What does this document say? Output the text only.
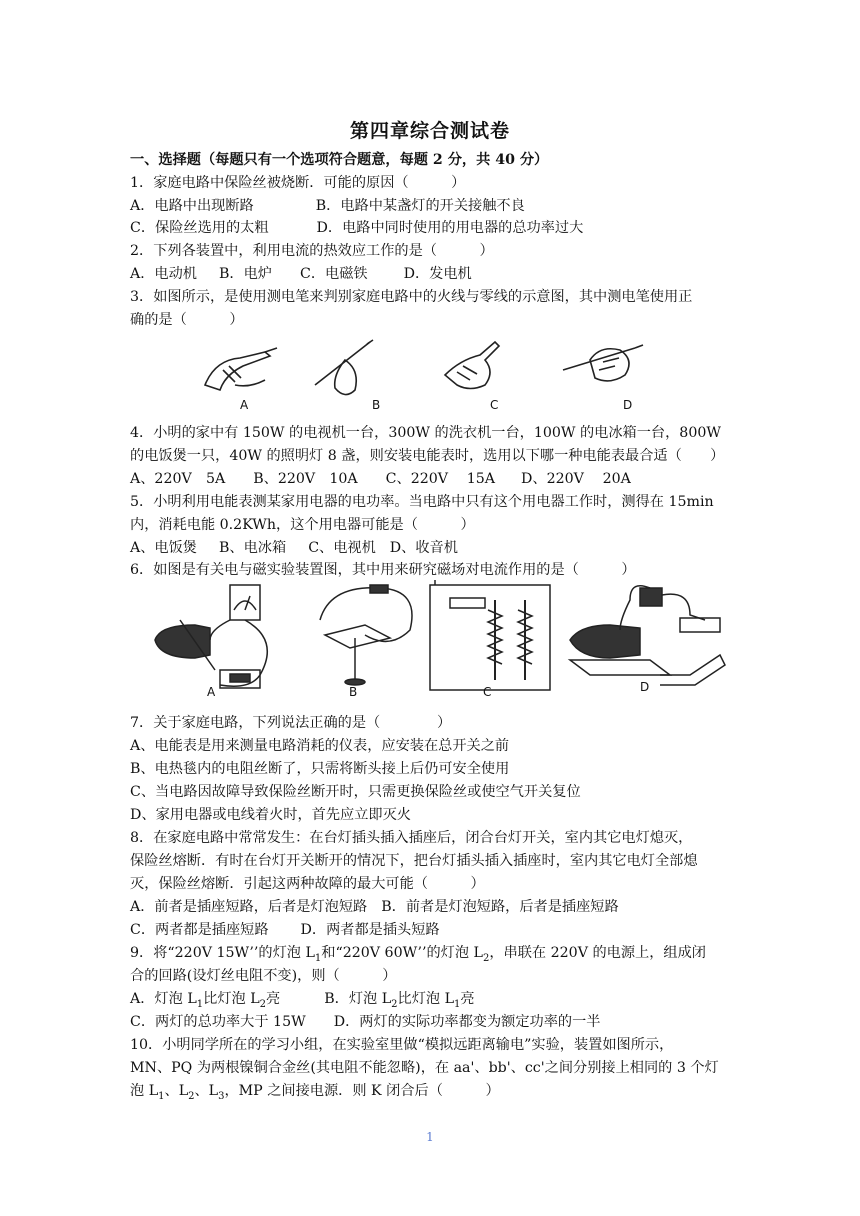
第四章综合测试卷
一、选择题（每题只有一个选项符合题意，每题 2 分，共 40 分）
1．家庭电路中保险丝被烧断．可能的原因（　　　）
A．电路中出现断路	B．电路中某盏灯的开关接触不良
C．保险丝选用的太粗	D．电路中同时使用的用电器的总功率过大
2．下列各装置中，利用电流的热效应工作的是（　　　）
A．电动机 B．电炉 C．电磁铁	D．发电机
3．如图所示，是使用测电笔来判别家庭电路中的火线与零线的示意图，其中测电笔使用正
确的是（　　　）
A	B	C	D
4．小明的家中有 150W 的电视机一台，300W 的洗衣机一台，100W 的电冰箱一台，800W
的电饭煲一只，40W 的照明灯 8 盏，则安装电能表时，选用以下哪一种电能表最合适（　　）
A、220V　5A B、220V　10A C、220V　 15A D、220V　 20A
5．小明利用电能表测某家用电器的电功率。当电路中只有这个用电器工作时，测得在 15min
内，消耗电能 0.2KWh，这个用电器可能是（　　　）
A、电饭煲 B、电冰箱 C、电视机 D、收音机
6．如图是有关电与磁实验装置图，其中用来研究磁场对电流作用的是（　　　）
A	B	C	D
7．关于家庭电路，下列说法正确的是（　　　　）
A、电能表是用来测量电路消耗的仪表，应安装在总开关之前
B、电热毯内的电阻丝断了，只需将断头接上后仍可安全使用
C、当电路因故障导致保险丝断开时，只需更换保险丝或使空气开关复位
D、家用电器或电线着火时，首先应立即灭火
8．在家庭电路中常常发生：在台灯插头插入插座后，闭合台灯开关，室内其它电灯熄灭，
保险丝熔断．有时在台灯开关断开的情况下，把台灯插头插入插座时，室内其它电灯全部熄
灭，保险丝熔断．引起这两种故障的最大可能（　　　）
A．前者是插座短路，后者是灯泡短路 B．前者是灯泡短路，后者是插座短路
C．两者都是插座短路 D．两者都是插头短路
9．将“220V 15W’’的灯泡 $L_1$和“220V 60W’’的灯泡 $L_2$，串联在 220V 的电源上，组成闭
合的回路(设灯丝电阻不变)，则（　　　）
A．灯泡 $L_1$比灯泡 $L_2$亮	B．灯泡 $L_2$比灯泡 $L_1$亮
C．两灯的总功率大于 15W D．两灯的实际功率都变为额定功率的一半
10．小明同学所在的学习小组，在实验室里做“模拟远距离输电”实验，装置如图所示，
MN、PQ 为两根镍铜合金丝(其电阻不能忽略)，在 aa'、bb'、cc'之间分别接上相同的 3 个灯
泡 $L_1$、$L_2$、$L_3$，MP 之间接电源．则 K 闭合后（　　　）
1
